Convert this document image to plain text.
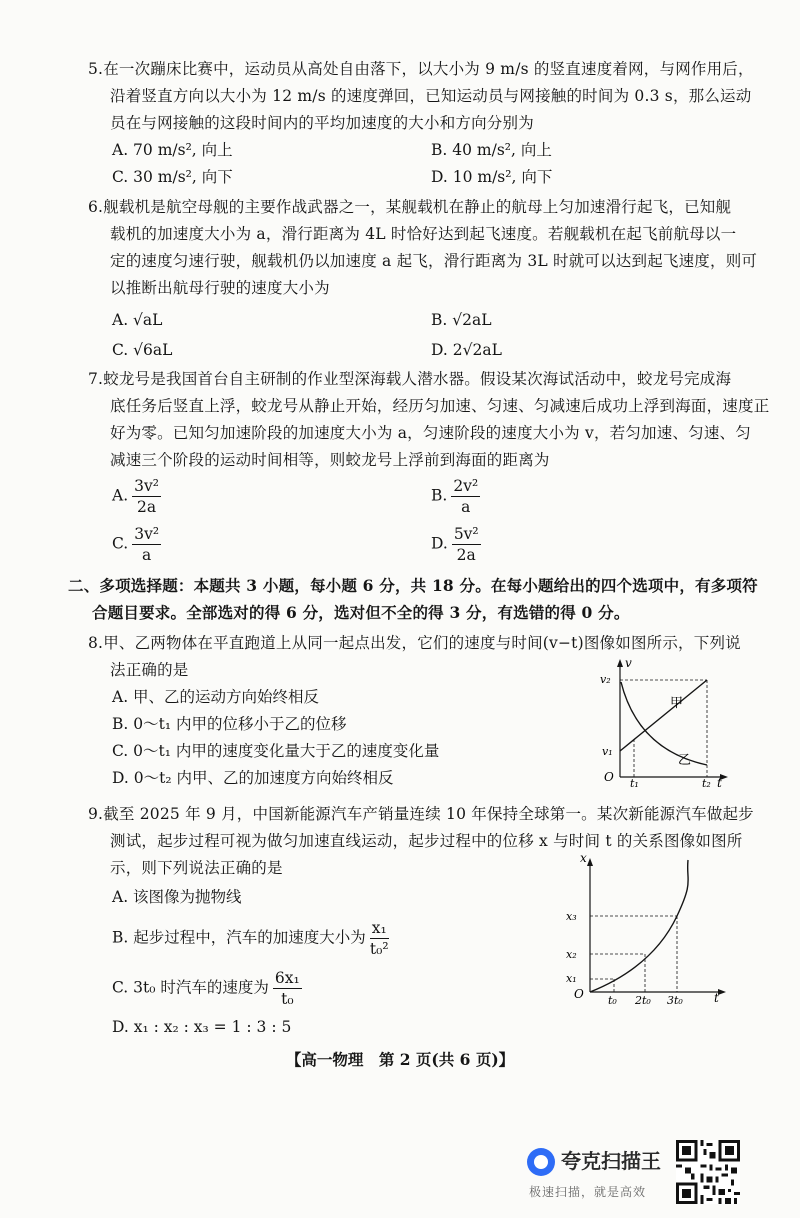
5.在一次蹦床比赛中，运动员从高处自由落下，以大小为 9 m/s 的竖直速度着网，与网作用后，
沿着竖直方向以大小为 12 m/s 的速度弹回，已知运动员与网接触的时间为 0.3 s，那么运动
员在与网接触的这段时间内的平均加速度的大小和方向分别为
A. 70 m/s², 向上	B. 40 m/s², 向上
C. 30 m/s², 向下	D. 10 m/s², 向下
6.舰载机是航空母舰的主要作战武器之一，某舰载机在静止的航母上匀加速滑行起飞，已知舰
载机的加速度大小为 a，滑行距离为 4L 时恰好达到起飞速度。若舰载机在起飞前航母以一
定的速度匀速行驶，舰载机仍以加速度 a 起飞，滑行距离为 3L 时就可以达到起飞速度，则可
以推断出航母行驶的速度大小为
A. √aL	B. √2aL
C. √6aL	D. 2√2aL
7.蛟龙号是我国首台自主研制的作业型深海载人潜水器。假设某次海试活动中，蛟龙号完成海
底任务后竖直上浮，蛟龙号从静止开始，经历匀加速、匀速、匀减速后成功上浮到海面，速度正
好为零。已知匀加速阶段的加速度大小为 a，匀速阶段的速度大小为 v，若匀加速、匀速、匀
减速三个阶段的运动时间相等，则蛟龙号上浮前到海面的距离为
A. $\frac{\text{3v²}}{2a}$	B. $\frac{\text{2v²}}{a}$
C. $\frac{\text{3v²}}{a}$	D. $\frac{\text{5v²}}{2a}$
二、多项选择题：本题共 3 小题，每小题 6 分，共 18 分。在每小题给出的四个选项中，有多项符
合题目要求。全部选对的得 6 分，选对但不全的得 3 分，有选错的得 0 分。
8.甲、乙两物体在平直跑道上从同一起点出发，它们的速度与时间(v−t)图像如图所示，下列说
法正确的是
A. 甲、乙的运动方向始终相反
B. 0～t₁ 内甲的位移小于乙的位移
C. 0～t₁ 内甲的速度变化量大于乙的速度变化量
D. 0～t₂ 内甲、乙的加速度方向始终相反
v
v₂
v₁
O t₁	t₂ t
甲
乙
9.截至 2025 年 9 月，中国新能源汽车产销量连续 10 年保持全球第一。某次新能源汽车做起步
测试，起步过程可视为做匀加速直线运动，起步过程中的位移 x 与时间 t 的关系图像如图所
示，则下列说法正确的是
A. 该图像为抛物线
B. 起步过程中，汽车的加速度大小为 $\frac{\text{x₁}}{\text{t₀²}}$
C. 3t₀ 时汽车的速度为 $\frac{\text{6x₁}}{\text{t₀}}$
D. x₁ : x₂ : x₃ = 1 : 3 : 5
x
x₃
x₂
x₁
O t₀ 2t₀ 3t₀	t
【高一物理　第 2 页(共 6 页)】
夸克扫描王
极速扫描，就是高效
